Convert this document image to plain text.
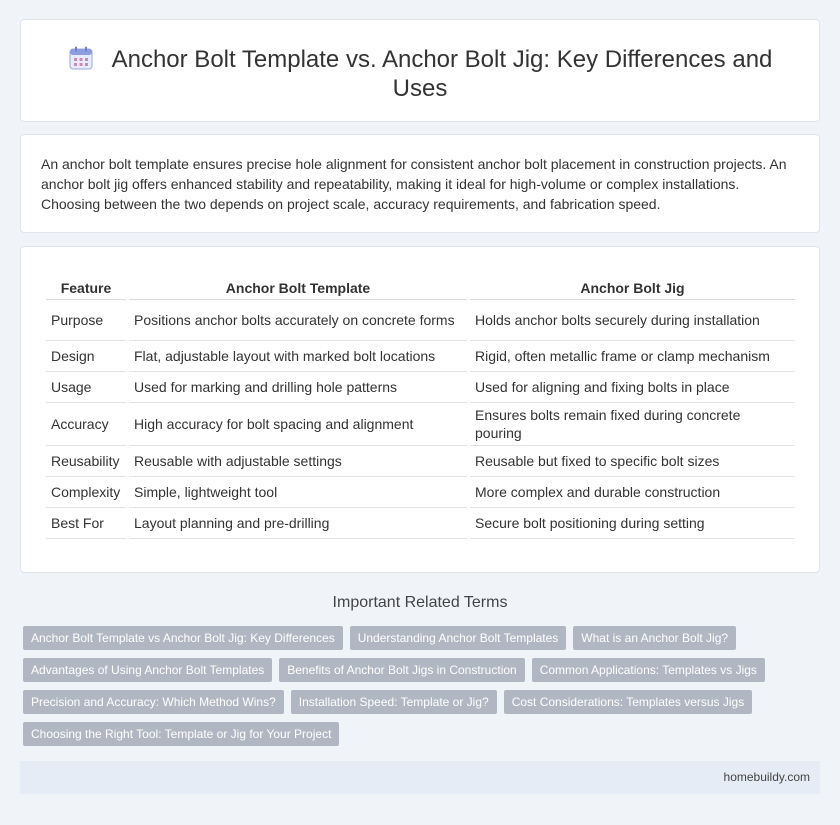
Anchor Bolt Template vs. Anchor Bolt Jig: Key Differences and Uses

An anchor bolt template ensures precise hole alignment for consistent anchor bolt placement in construction projects. An anchor bolt jig offers enhanced stability and repeatability, making it ideal for high-volume or complex installations. Choosing between the two depends on project scale, accuracy requirements, and fabrication speed.

Feature	Anchor Bolt Template	Anchor Bolt Jig
Purpose	Positions anchor bolts accurately on concrete forms	Holds anchor bolts securely during installation
Design	Flat, adjustable layout with marked bolt locations	Rigid, often metallic frame or clamp mechanism
Usage	Used for marking and drilling hole patterns	Used for aligning and fixing bolts in place
Accuracy	High accuracy for bolt spacing and alignment	Ensures bolts remain fixed during concrete pouring
Reusability	Reusable with adjustable settings	Reusable but fixed to specific bolt sizes
Complexity	Simple, lightweight tool	More complex and durable construction
Best For	Layout planning and pre-drilling	Secure bolt positioning during setting
Important Related Terms
Anchor Bolt Template vs Anchor Bolt Jig: Key Differences	Understanding Anchor Bolt Templates	What is an Anchor Bolt Jig?
Advantages of Using Anchor Bolt Templates	Benefits of Anchor Bolt Jigs in Construction	Common Applications: Templates vs Jigs
Precision and Accuracy: Which Method Wins?	Installation Speed: Template or Jig?	Cost Considerations: Templates versus Jigs
Choosing the Right Tool: Template or Jig for Your Project
homebuildy.com
